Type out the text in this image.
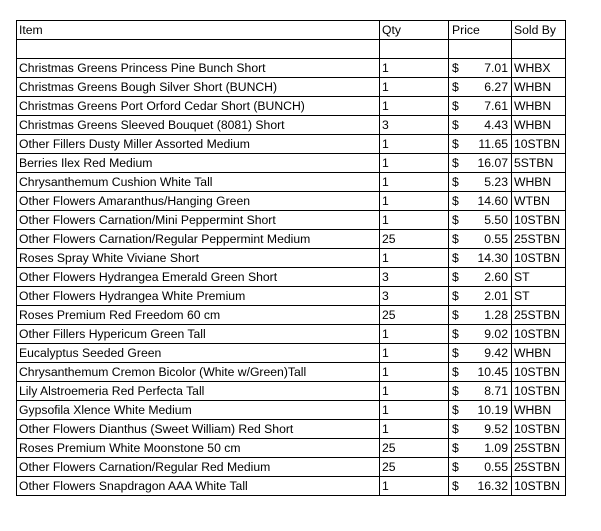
Item	Qty	Price	Sold By

Christmas Greens Princess Pine Bunch Short	1	$ 7.01	WHBX
Christmas Greens Bough Silver Short (BUNCH)	1	$ 6.27	WHBN
Christmas Greens Port Orford Cedar Short (BUNCH)	1	$ 7.61	WHBN
Christmas Greens Sleeved Bouquet (8081) Short	3	$ 4.43	WHBN
Other Fillers Dusty Miller Assorted Medium	1	$ 11.65	10STBN
Berries Ilex Red Medium	1	$ 16.07	5STBN
Chrysanthemum Cushion White Tall	1	$ 5.23	WHBN
Other Flowers Amaranthus/Hanging Green	1	$ 14.60	WTBN
Other Flowers Carnation/Mini Peppermint Short	1	$ 5.50	10STBN
Other Flowers Carnation/Regular Peppermint Medium	25	$ 0.55	25STBN
Roses Spray White Viviane Short	1	$ 14.30	10STBN
Other Flowers Hydrangea Emerald Green Short	3	$ 2.60	ST
Other Flowers Hydrangea White Premium	3	$ 2.01	ST
Roses Premium Red Freedom 60 cm	25	$ 1.28	25STBN
Other Fillers Hypericum Green Tall	1	$ 9.02	10STBN
Eucalyptus Seeded Green	1	$ 9.42	WHBN
Chrysanthemum Cremon Bicolor (White w/Green)Tall	1	$ 10.45	10STBN
Lily Alstroemeria Red Perfecta Tall	1	$ 8.71	10STBN
Gypsofila Xlence White Medium	1	$ 10.19	WHBN
Other Flowers Dianthus (Sweet William) Red Short	1	$ 9.52	10STBN
Roses Premium White Moonstone 50 cm	25	$ 1.09	25STBN
Other Flowers Carnation/Regular Red Medium	25	$ 0.55	25STBN
Other Flowers Snapdragon AAA White Tall	1	$ 16.32	10STBN
